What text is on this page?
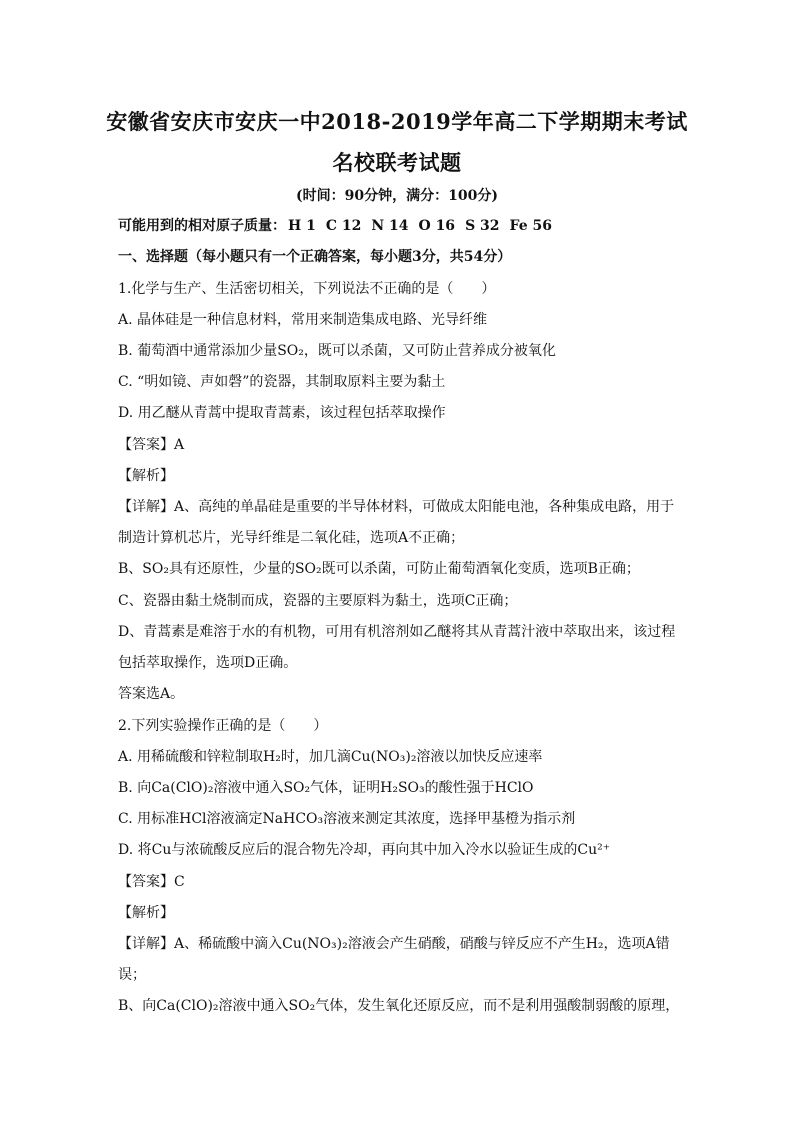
安徽省安庆市安庆一中2018-2019学年高二下学期期末考试
名校联考试题
(时间：90分钟，满分：100分)
可能用到的相对原子质量： H 1 C 12 N 14 O 16 S 32 Fe 56
一、选择题（每小题只有一个正确答案，每小题3分，共54分）
1.化学与生产、生活密切相关，下列说法不正确的是（　　）
A. 晶体硅是一种信息材料，常用来制造集成电路、光导纤维
B. 葡萄酒中通常添加少量SO₂，既可以杀菌，又可防止营养成分被氧化
C. “明如镜、声如磬”的瓷器，其制取原料主要为黏土
D. 用乙醚从青蒿中提取青蒿素，该过程包括萃取操作
【答案】A
【解析】
【详解】A、高纯的单晶硅是重要的半导体材料，可做成太阳能电池，各种集成电路，用于
制造计算机芯片，光导纤维是二氧化硅，选项A不正确；
B、SO₂具有还原性，少量的SO₂既可以杀菌，可防止葡萄酒氧化变质，选项B正确；
C、瓷器由黏土烧制而成，瓷器的主要原料为黏土，选项C正确；
D、青蒿素是难溶于水的有机物，可用有机溶剂如乙醚将其从青蒿汁液中萃取出来，该过程
包括萃取操作，选项D正确。
答案选A。
2.下列实验操作正确的是（　　）
A. 用稀硫酸和锌粒制取H₂时，加几滴Cu(NO₃)₂溶液以加快反应速率
B. 向Ca(ClO)₂溶液中通入SO₂气体，证明H₂SO₃的酸性强于HClO
C. 用标准HCl溶液滴定NaHCO₃溶液来测定其浓度，选择甲基橙为指示剂
D. 将Cu与浓硫酸反应后的混合物先冷却，再向其中加入冷水以验证生成的Cu²⁺
【答案】C
【解析】
【详解】A、稀硫酸中滴入Cu(NO₃)₂溶液会产生硝酸，硝酸与锌反应不产生H₂，选项A错
误；
B、向Ca(ClO)₂溶液中通入SO₂气体，发生氧化还原反应，而不是利用强酸制弱酸的原理，
